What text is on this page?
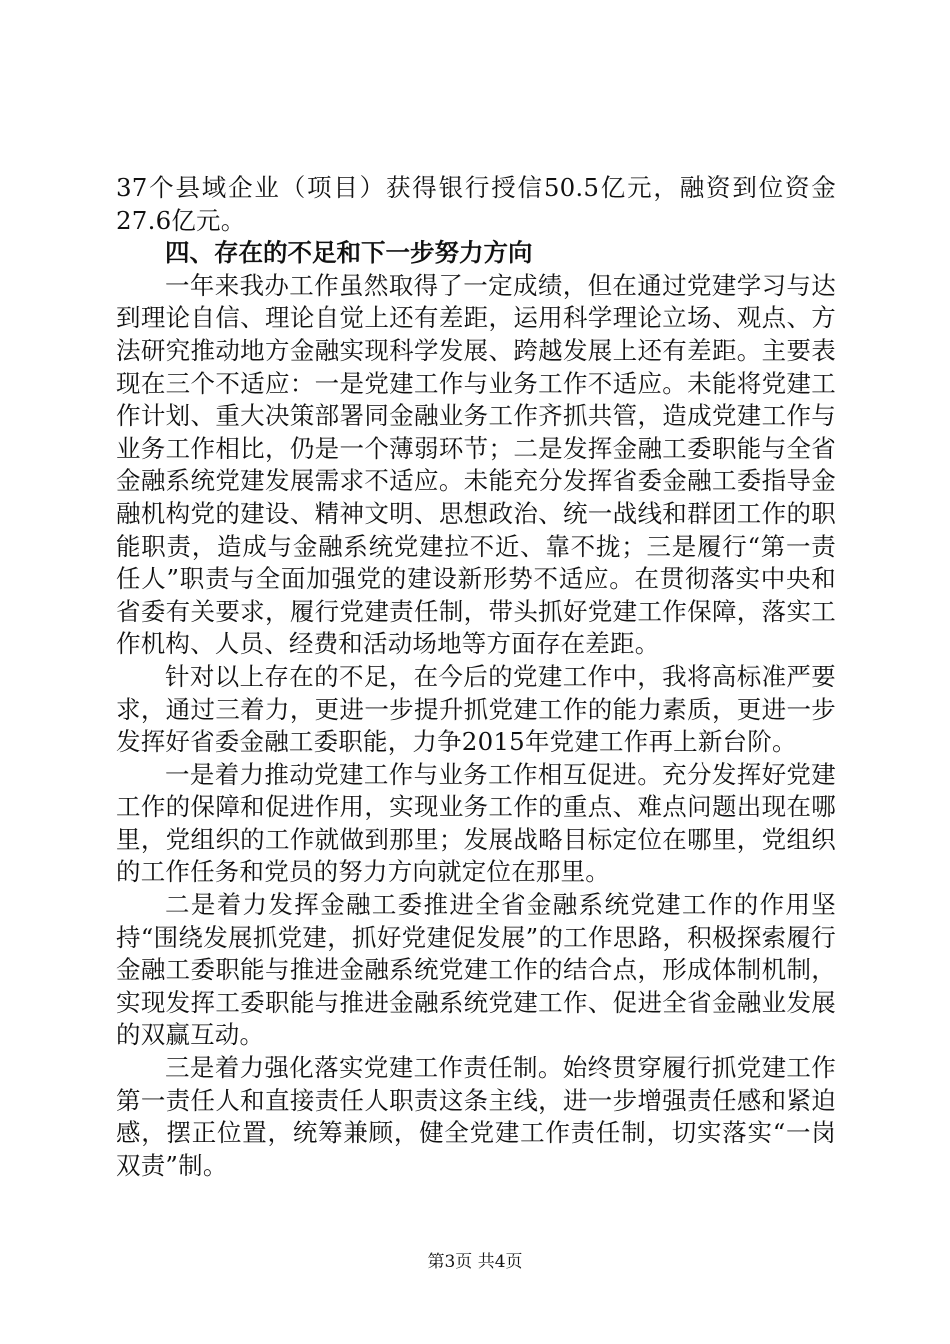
37个县域企业（项目）获得银行授信50.5亿元，融资到位资金27.6亿元。

四、存在的不足和下一步努力方向

一年来我办工作虽然取得了一定成绩，但在通过党建学习与达到理论自信、理论自觉上还有差距，运用科学理论立场、观点、方法研究推动地方金融实现科学发展、跨越发展上还有差距。主要表现在三个不适应：一是党建工作与业务工作不适应。未能将党建工作计划、重大决策部署同金融业务工作齐抓共管，造成党建工作与业务工作相比，仍是一个薄弱环节；二是发挥金融工委职能与全省金融系统党建发展需求不适应。未能充分发挥省委金融工委指导金融机构党的建设、精神文明、思想政治、统一战线和群团工作的职能职责，造成与金融系统党建拉不近、靠不拢；三是履行“第一责任人”职责与全面加强党的建设新形势不适应。在贯彻落实中央和省委有关要求，履行党建责任制，带头抓好党建工作保障，落实工作机构、人员、经费和活动场地等方面存在差距。

针对以上存在的不足，在今后的党建工作中，我将高标准严要求，通过三着力，更进一步提升抓党建工作的能力素质，更进一步发挥好省委金融工委职能，力争2015年党建工作再上新台阶。

一是着力推动党建工作与业务工作相互促进。充分发挥好党建工作的保障和促进作用，实现业务工作的重点、难点问题出现在哪里，党组织的工作就做到那里；发展战略目标定位在哪里，党组织的工作任务和党员的努力方向就定位在那里。

二是着力发挥金融工委推进全省金融系统党建工作的作用坚持“围绕发展抓党建，抓好党建促发展”的工作思路，积极探索履行金融工委职能与推进金融系统党建工作的结合点，形成体制机制，实现发挥工委职能与推进金融系统党建工作、促进全省金融业发展的双赢互动。

三是着力强化落实党建工作责任制。始终贯穿履行抓党建工作第一责任人和直接责任人职责这条主线，进一步增强责任感和紧迫感，摆正位置，统筹兼顾，健全党建工作责任制，切实落实“一岗双责”制。

第3页 共4页
